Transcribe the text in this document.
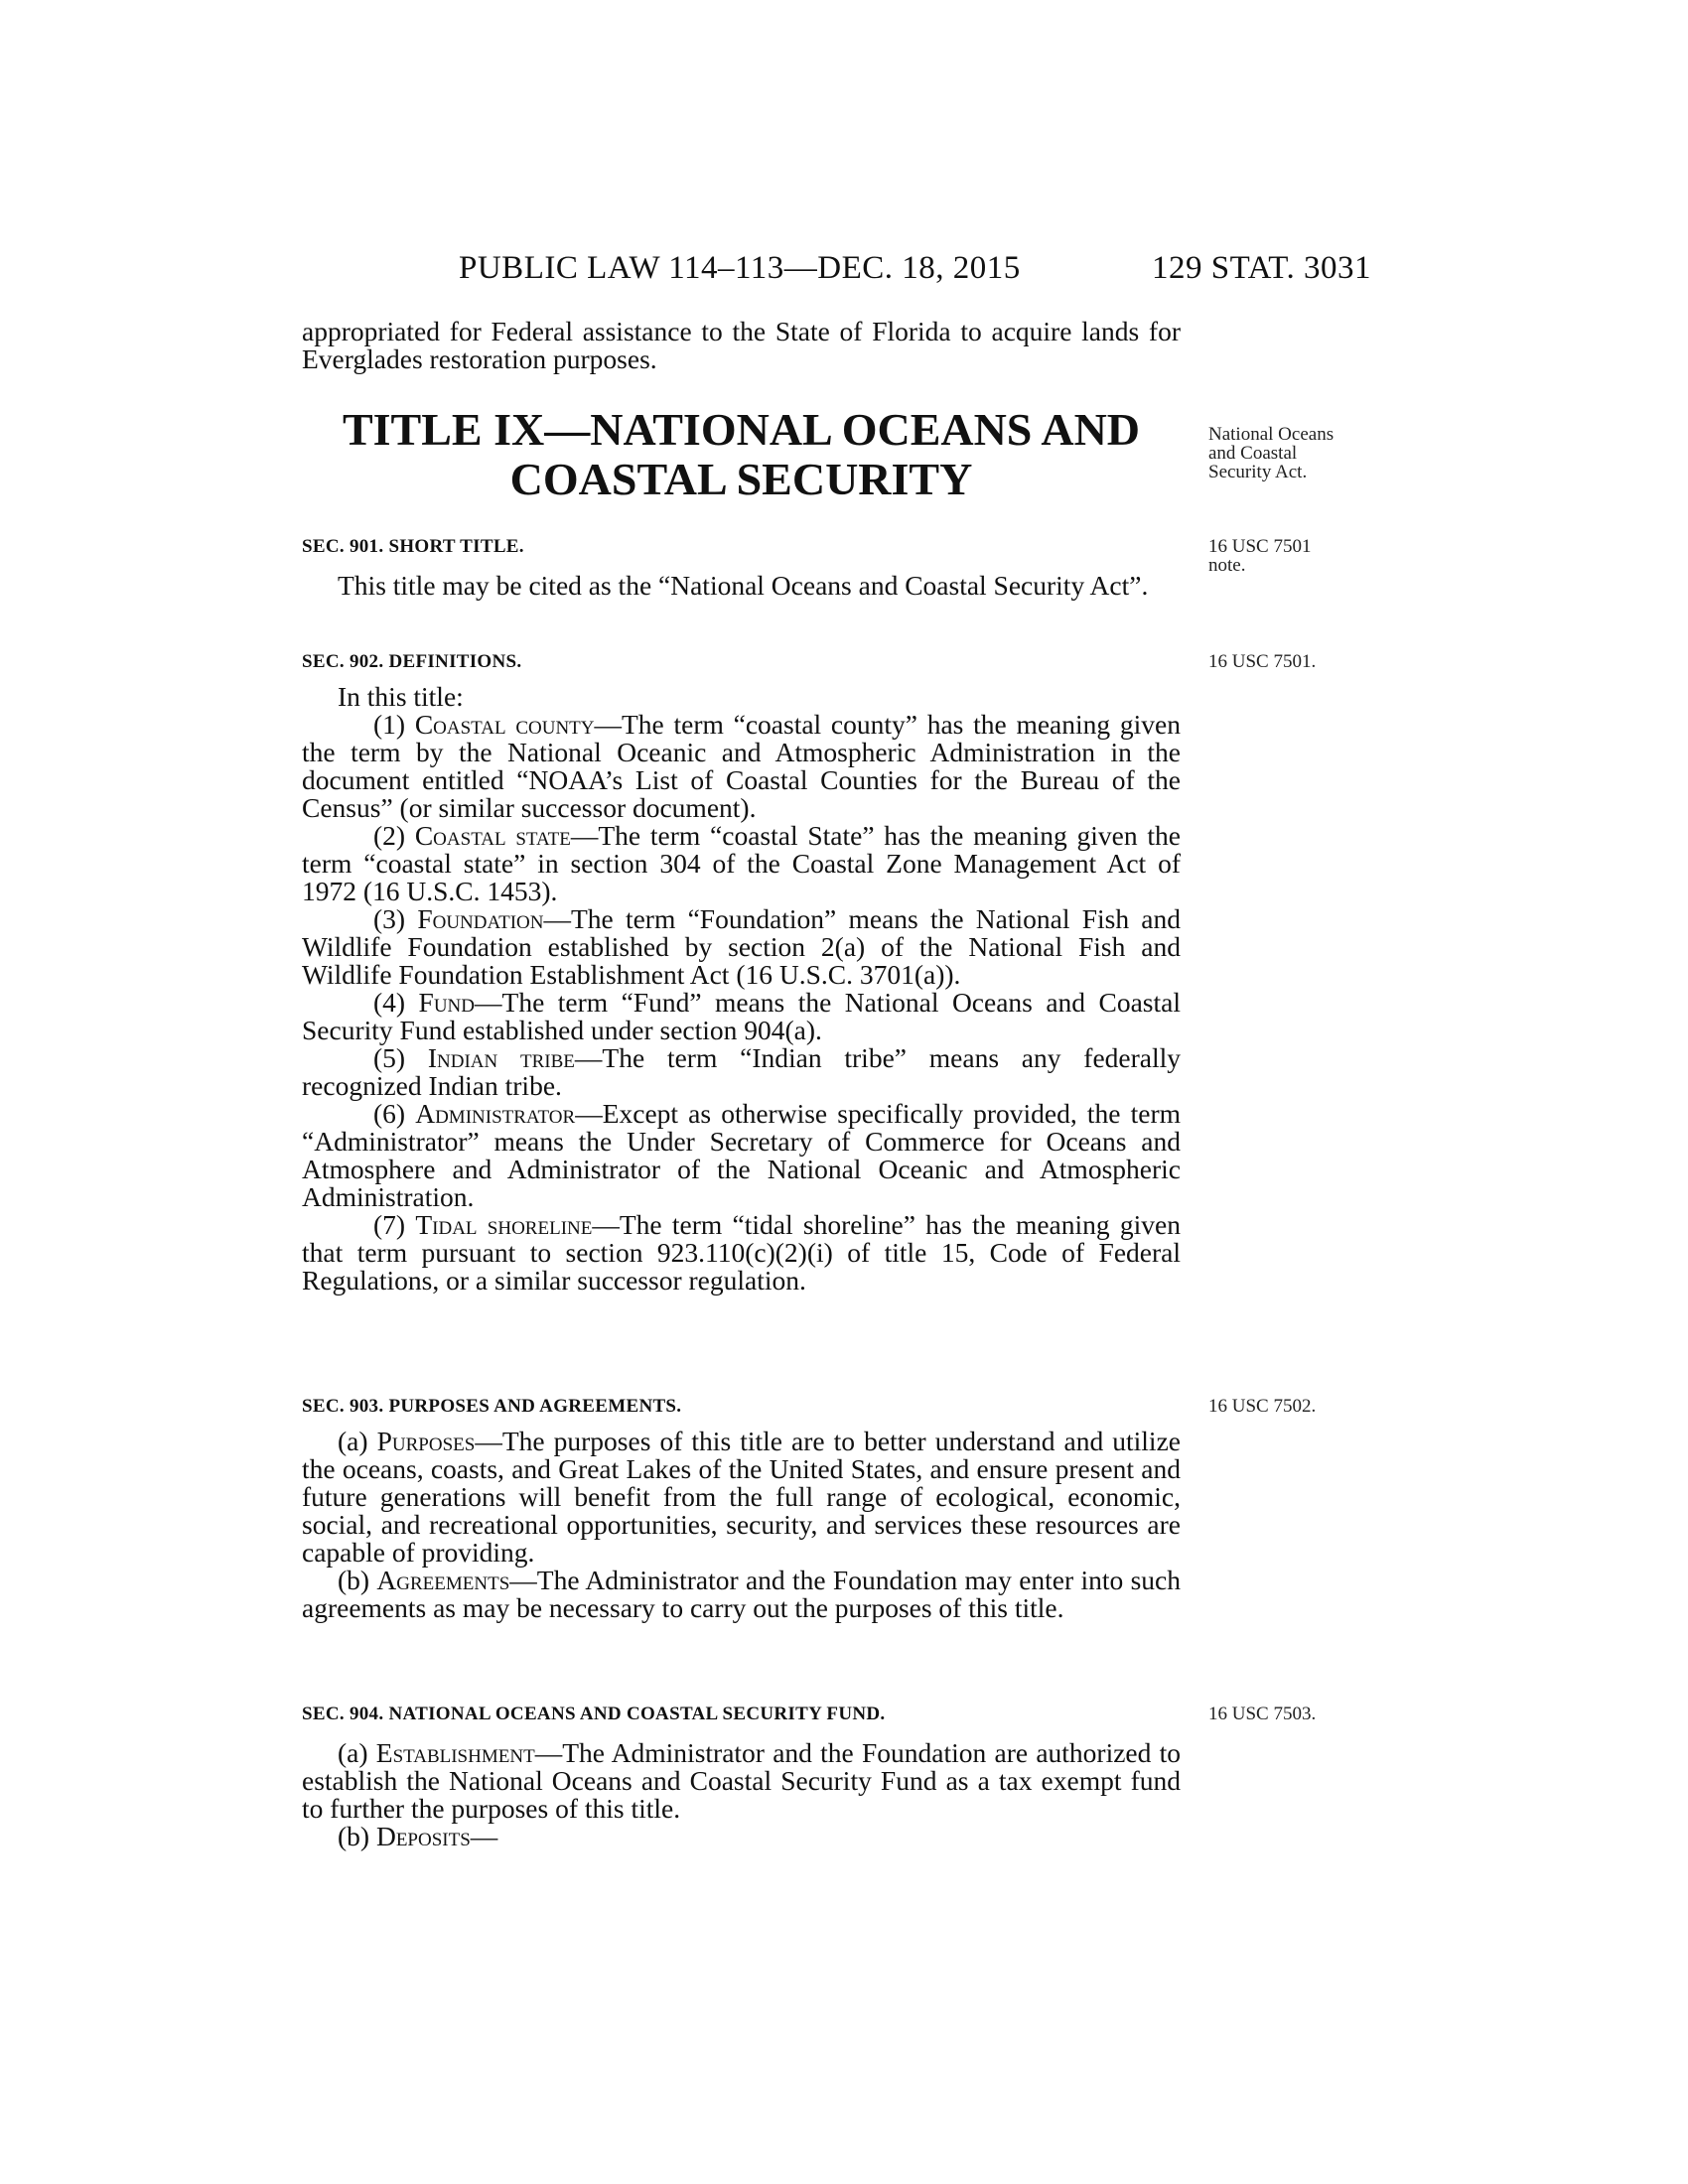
PUBLIC LAW 114–113—DEC. 18, 2015	129 STAT. 3031

appropriated for Federal assistance to the State of Florida to acquire lands for Everglades restoration purposes.

TITLE IX—NATIONAL OCEANS AND
COASTAL SECURITY
National Oceans
and Coastal
Security Act.
SEC. 901. SHORT TITLE.	16 USC 7501
note.

This title may be cited as the “National Oceans and Coastal Security Act”.

SEC. 902. DEFINITIONS.	16 USC 7501.

In this title:

(1) Coastal county—The term “coastal county” has the meaning given the term by the National Oceanic and Atmospheric Administration in the document entitled “NOAA’s List of Coastal Counties for the Bureau of the Census” (or similar successor document).

(2) Coastal state—The term “coastal State” has the meaning given the term “coastal state” in section 304 of the Coastal Zone Management Act of 1972 (16 U.S.C. 1453).

(3) Foundation—The term “Foundation” means the National Fish and Wildlife Foundation established by section 2(a) of the National Fish and Wildlife Foundation Establishment Act (16 U.S.C. 3701(a)).

(4) Fund—The term “Fund” means the National Oceans and Coastal Security Fund established under section 904(a).

(5) Indian tribe—The term “Indian tribe” means any federally recognized Indian tribe.

(6) Administrator—Except as otherwise specifically provided, the term “Administrator” means the Under Secretary of Commerce for Oceans and Atmosphere and Administrator of the National Oceanic and Atmospheric Administration.

(7) Tidal shoreline—The term “tidal shoreline” has the meaning given that term pursuant to section 923.110(c)(2)(i) of title 15, Code of Federal Regulations, or a similar successor regulation.

SEC. 903. PURPOSES AND AGREEMENTS.	16 USC 7502.

(a) Purposes—The purposes of this title are to better understand and utilize the oceans, coasts, and Great Lakes of the United States, and ensure present and future generations will benefit from the full range of ecological, economic, social, and recreational opportunities, security, and services these resources are capable of providing.

(b) Agreements—The Administrator and the Foundation may enter into such agreements as may be necessary to carry out the purposes of this title.

SEC. 904. NATIONAL OCEANS AND COASTAL SECURITY FUND.	16 USC 7503.

(a) Establishment—The Administrator and the Foundation are authorized to establish the National Oceans and Coastal Security Fund as a tax exempt fund to further the purposes of this title.

(b) Deposits—
